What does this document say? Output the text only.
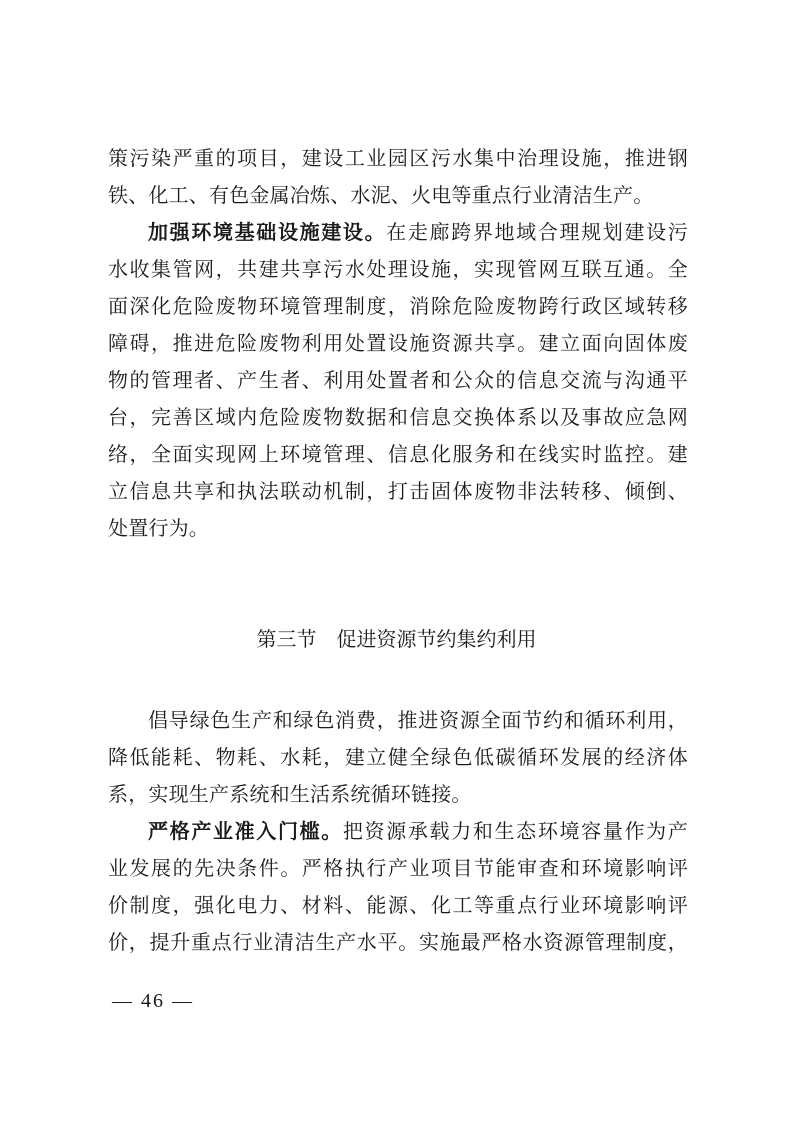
策污染严重的项目，建设工业园区污水集中治理设施，推进钢
铁、化工、有色金属冶炼、水泥、火电等重点行业清洁生产。
加强环境基础设施建设。在走廊跨界地域合理规划建设污
水收集管网，共建共享污水处理设施，实现管网互联互通。全
面深化危险废物环境管理制度，消除危险废物跨行政区域转移
障碍，推进危险废物利用处置设施资源共享。建立面向固体废
物的管理者、产生者、利用处置者和公众的信息交流与沟通平
台，完善区域内危险废物数据和信息交换体系以及事故应急网
络，全面实现网上环境管理、信息化服务和在线实时监控。建
立信息共享和执法联动机制，打击固体废物非法转移、倾倒、
处置行为。
第三节　促进资源节约集约利用
倡导绿色生产和绿色消费，推进资源全面节约和循环利用，
降低能耗、物耗、水耗，建立健全绿色低碳循环发展的经济体
系，实现生产系统和生活系统循环链接。
严格产业准入门槛。把资源承载力和生态环境容量作为产
业发展的先决条件。严格执行产业项目节能审查和环境影响评
价制度，强化电力、材料、能源、化工等重点行业环境影响评
价，提升重点行业清洁生产水平。实施最严格水资源管理制度，
— 46 —
